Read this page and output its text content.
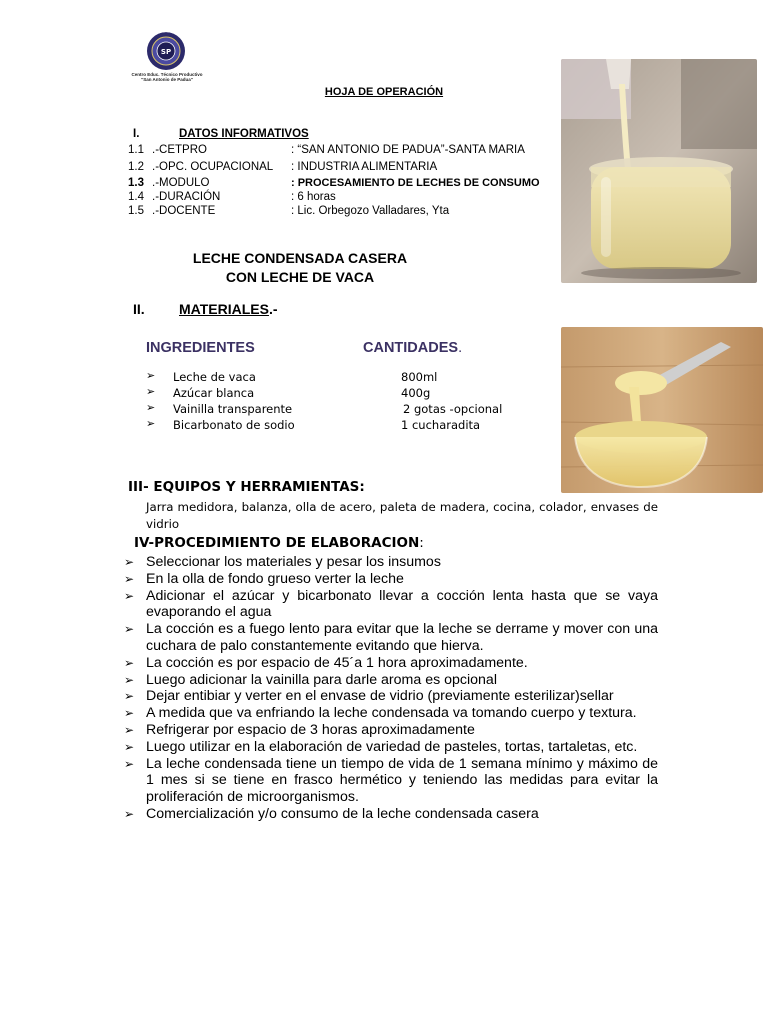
SP
Centro Educ. Técnico Productivo "San Antonio de Padua"
HOJA DE OPERACIÓN
I.	DATOS INFORMATIVOS
1.1 .-CETPRO	: “SAN ANTONIO DE PADUA”-SANTA MARIA
1.2 .-OPC. OCUPACIONAL : INDUSTRIA ALIMENTARIA
1.3 .-MODULO	: PROCESAMIENTO DE LECHES DE CONSUMO
1.4 .-DURACIÓN	: 6 horas
1.5 .-DOCENTE	: Lic. Orbegozo Valladares, Yta
LECHE CONDENSADA CASERA
CON LECHE DE VACA
II. MATERIALES.-
INGREDIENTES	CANTIDADES.
➢ Leche de vaca	800ml
➢ Azúcar blanca	400g
➢ Vainilla transparente	2 gotas -opcional
➢ Bicarbonato de sodio	1 cucharadita
III- EQUIPOS Y HERRAMIENTAS:
Jarra medidora, balanza, olla de acero, paleta de madera, cocina, colador, envases de vidrio
IV-PROCEDIMIENTO DE ELABORACION:
➢ Seleccionar los materiales y pesar los insumos
➢ En la olla de fondo grueso verter la leche
➢ Adicionar el azúcar y bicarbonato llevar a cocción lenta hasta que se vaya evaporando el agua
➢ La cocción es a fuego lento para evitar que la leche se derrame y mover con una cuchara de palo constantemente evitando que hierva.
➢ La cocción es por espacio de 45´a 1 hora aproximadamente.
➢ Luego adicionar la vainilla para darle aroma es opcional
➢ Dejar entibiar y verter en el envase de vidrio (previamente esterilizar)sellar
➢ A medida que va enfriando la leche condensada va tomando cuerpo y textura.
➢ Refrigerar por espacio de 3 horas aproximadamente
➢ Luego utilizar en la elaboración de variedad de pasteles, tortas, tartaletas, etc.
➢ La leche condensada tiene un tiempo de vida de 1 semana mínimo y máximo de 1 mes si se tiene en frasco hermético y teniendo las medidas para evitar la proliferación de microorganismos.
➢ Comercialización y/o consumo de la leche condensada casera
